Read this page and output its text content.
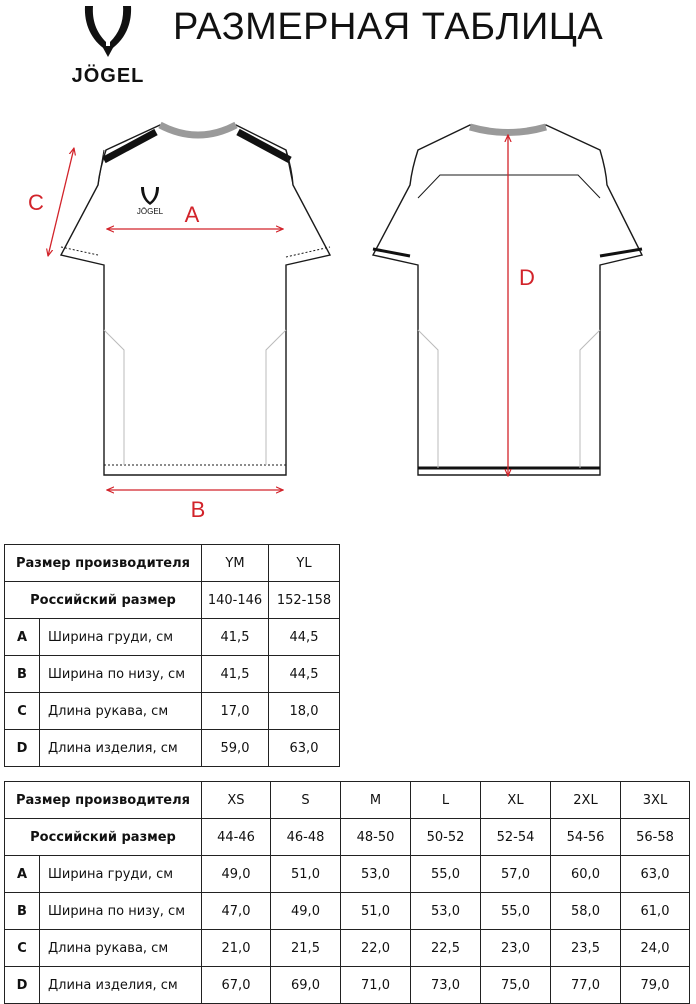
JÖGEL
РАЗМЕРНАЯ ТАБЛИЦА
JÖGEL A
B
C
D
Размер производителя		YM	YL
Российский размер		140-146	152-158
A	Ширина груди, см	41,5	44,5
B	Ширина по низу, см	41,5	44,5
C	Длина рукава, см	17,0	18,0
D	Длина изделия, см	59,0	63,0
Размер производителя		XS	S	M	L	XL	2XL	3XL
Российский размер		44-46	46-48	48-50	50-52	52-54	54-56	56-58
A	Ширина груди, см	49,0	51,0	53,0	55,0	57,0	60,0	63,0
B	Ширина по низу, см	47,0	49,0	51,0	53,0	55,0	58,0	61,0
C	Длина рукава, см	21,0	21,5	22,0	22,5	23,0	23,5	24,0
D	Длина изделия, см	67,0	69,0	71,0	73,0	75,0	77,0	79,0
